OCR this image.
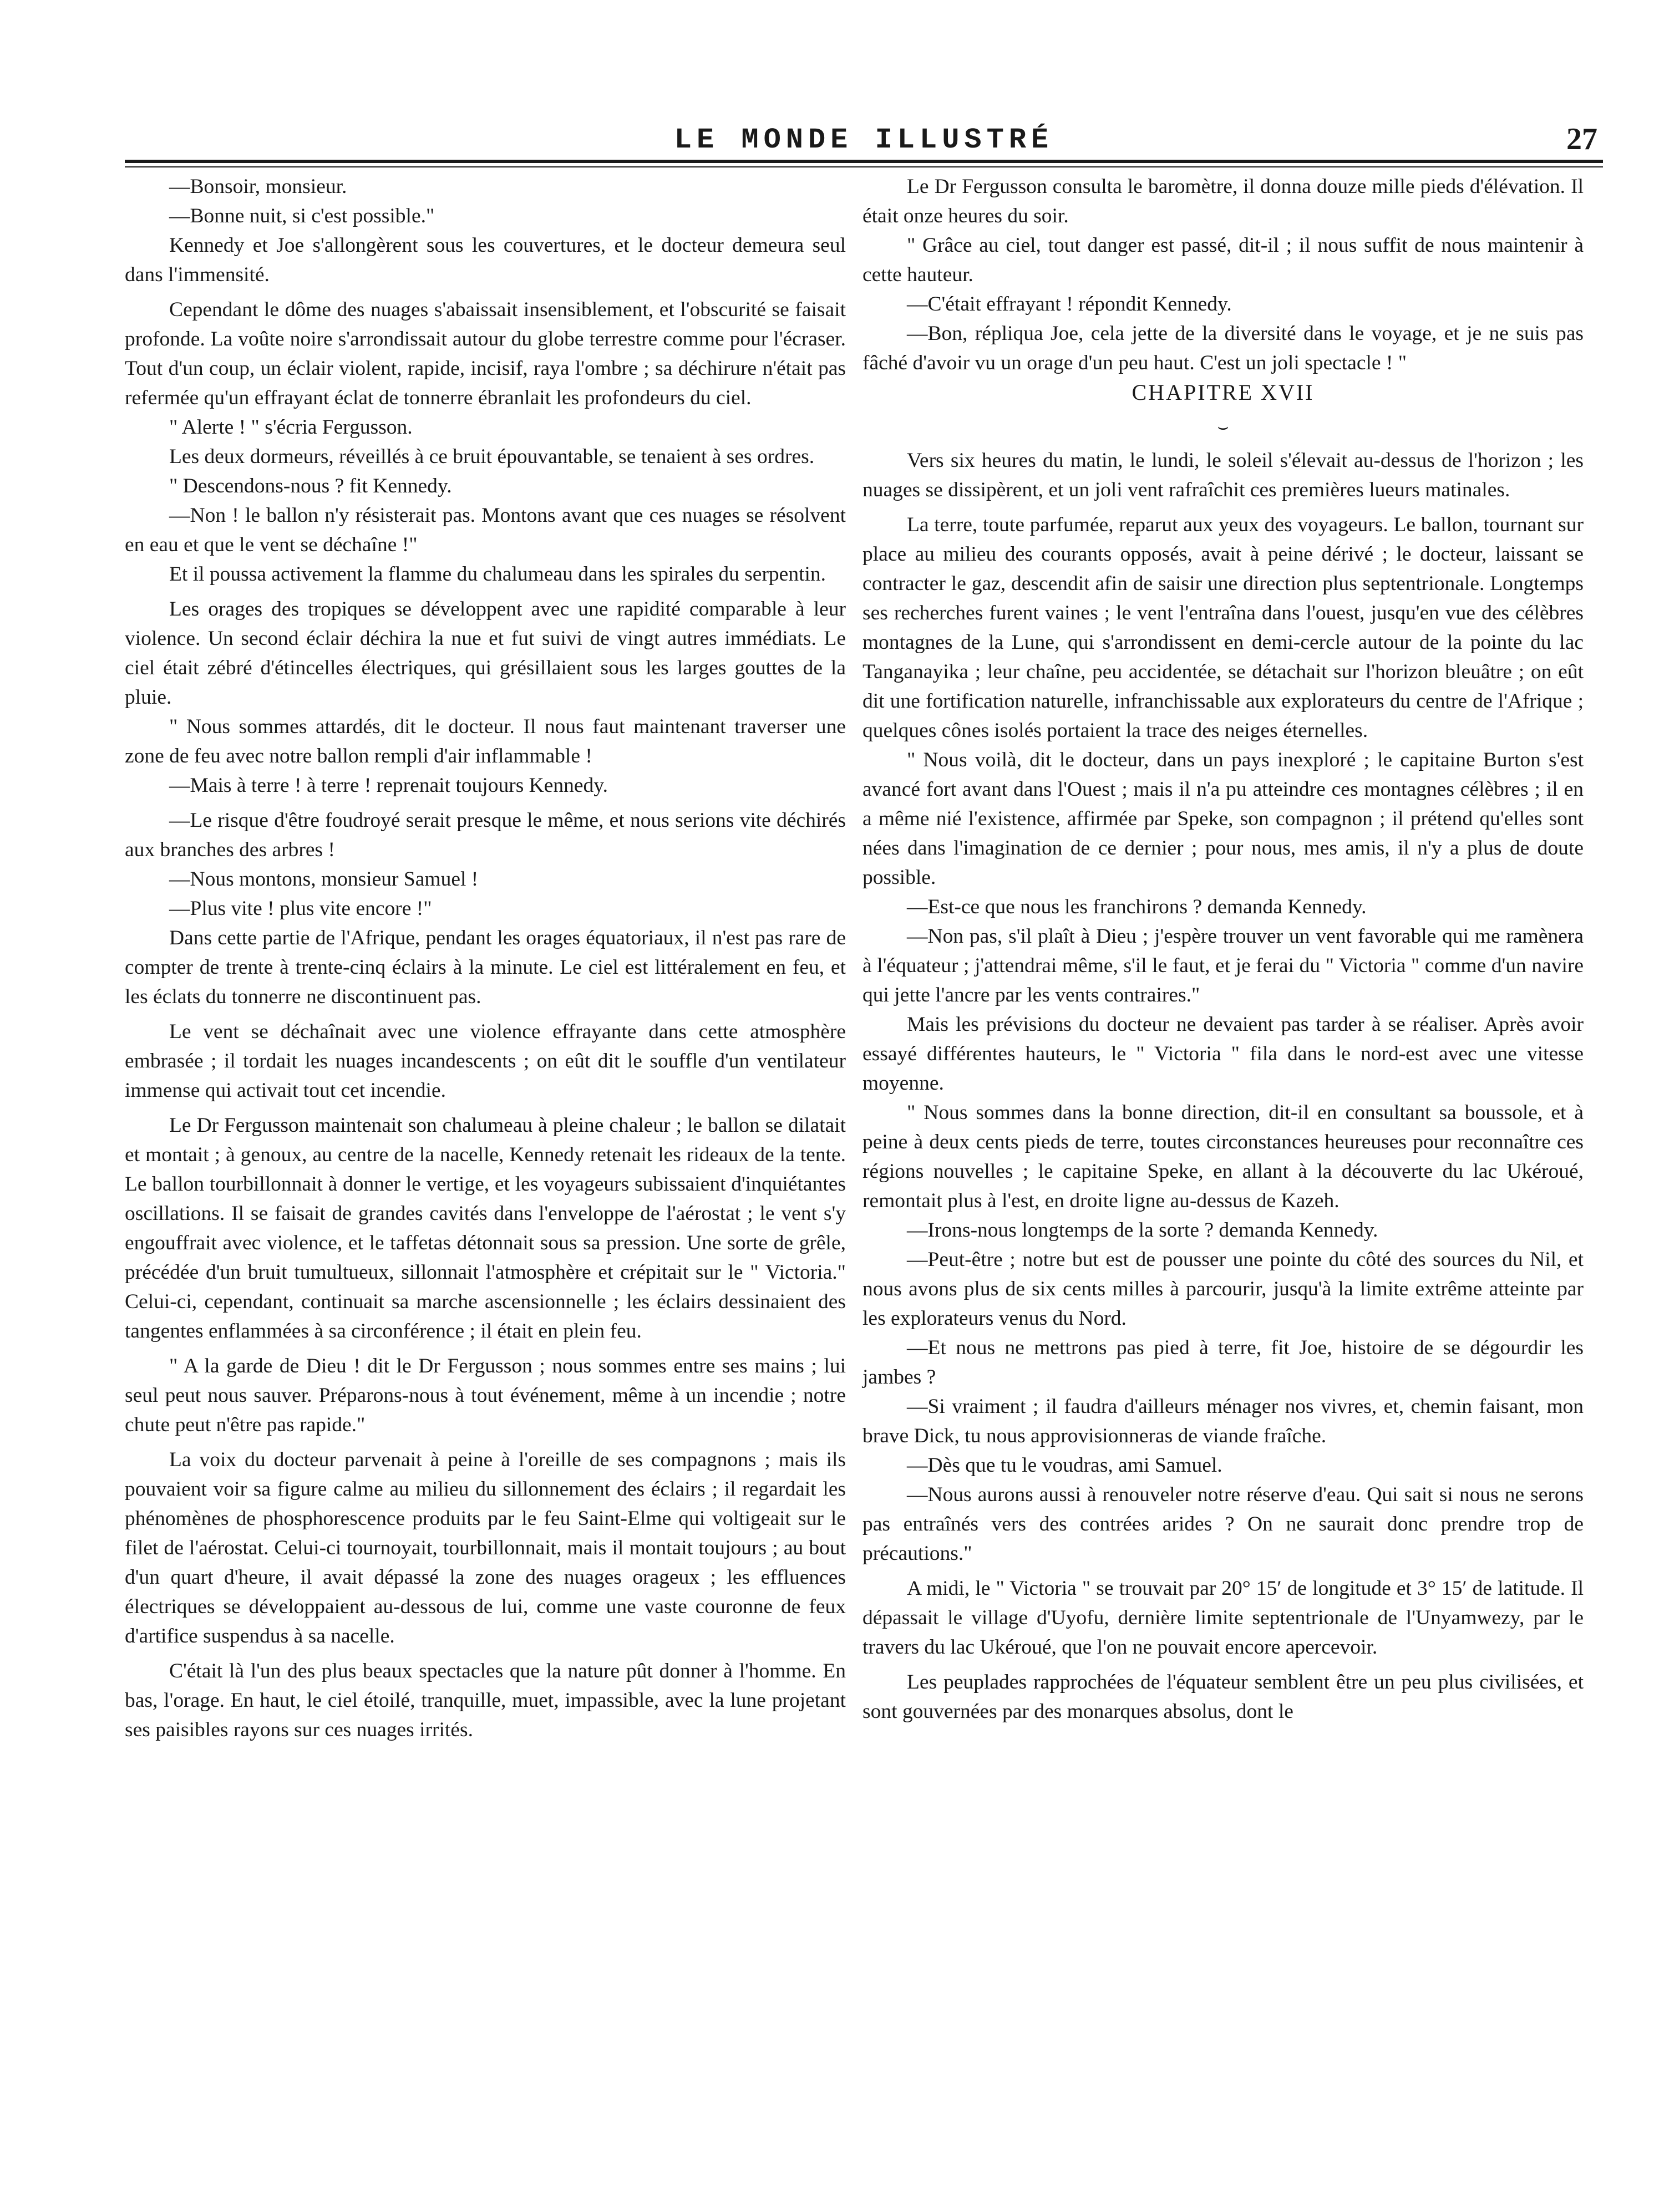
LE MONDE ILLUSTRÉ	27

—Bonsoir, monsieur.

—Bonne nuit, si c'est possible."

Kennedy et Joe s'allongèrent sous les couvertures, et le docteur demeura seul dans l'immensité.

Cependant le dôme des nuages s'abaissait insensiblement, et l'obscurité se faisait profonde. La voûte noire s'arrondissait autour du globe terrestre comme pour l'écraser. Tout d'un coup, un éclair violent, rapide, incisif, raya l'ombre ; sa déchirure n'était pas refermée qu'un effrayant éclat de tonnerre ébranlait les profondeurs du ciel.

" Alerte ! " s'écria Fergusson.

Les deux dormeurs, réveillés à ce bruit épouvantable, se tenaient à ses ordres.

" Descendons-nous ? fit Kennedy.

—Non ! le ballon n'y résisterait pas. Montons avant que ces nuages se résolvent en eau et que le vent se déchaîne !"

Et il poussa activement la flamme du chalumeau dans les spirales du serpentin.

Les orages des tropiques se développent avec une rapidité comparable à leur violence. Un second éclair déchira la nue et fut suivi de vingt autres immédiats. Le ciel était zébré d'étincelles électriques, qui grésillaient sous les larges gouttes de la pluie.

" Nous sommes attardés, dit le docteur. Il nous faut maintenant traverser une zone de feu avec notre ballon rempli d'air inflammable !

—Mais à terre ! à terre ! reprenait toujours Kennedy.

—Le risque d'être foudroyé serait presque le même, et nous serions vite déchirés aux branches des arbres !

—Nous montons, monsieur Samuel !

—Plus vite ! plus vite encore !"

Dans cette partie de l'Afrique, pendant les orages équatoriaux, il n'est pas rare de compter de trente à trente-cinq éclairs à la minute. Le ciel est littéralement en feu, et les éclats du tonnerre ne discontinuent pas.

Le vent se déchaînait avec une violence effrayante dans cette atmosphère embrasée ; il tordait les nuages incandescents ; on eût dit le souffle d'un ventilateur immense qui activait tout cet incendie.

Le Dr Fergusson maintenait son chalumeau à pleine chaleur ; le ballon se dilatait et montait ; à genoux, au centre de la nacelle, Kennedy retenait les rideaux de la tente. Le ballon tourbillonnait à donner le vertige, et les voyageurs subissaient d'inquiétantes oscillations. Il se faisait de grandes cavités dans l'enveloppe de l'aérostat ; le vent s'y engouffrait avec violence, et le taffetas détonnait sous sa pression. Une sorte de grêle, précédée d'un bruit tumultueux, sillonnait l'atmosphère et crépitait sur le " Victoria." Celui-ci, cependant, continuait sa marche ascensionnelle ; les éclairs dessinaient des tangentes enflammées à sa circonférence ; il était en plein feu.

" A la garde de Dieu ! dit le Dr Fergusson ; nous sommes entre ses mains ; lui seul peut nous sauver. Préparons-nous à tout événement, même à un incendie ; notre chute peut n'être pas rapide."

La voix du docteur parvenait à peine à l'oreille de ses compagnons ; mais ils pouvaient voir sa figure calme au milieu du sillonnement des éclairs ; il regardait les phénomènes de phosphorescence produits par le feu Saint-Elme qui voltigeait sur le filet de l'aérostat. Celui-ci tournoyait, tourbillonnait, mais il montait toujours ; au bout d'un quart d'heure, il avait dépassé la zone des nuages orageux ; les effluences électriques se développaient au-dessous de lui, comme une vaste couronne de feux d'artifice suspendus à sa nacelle.

C'était là l'un des plus beaux spectacles que la nature pût donner à l'homme. En bas, l'orage. En haut, le ciel étoilé, tranquille, muet, impassible, avec la lune projetant ses paisibles rayons sur ces nuages irrités.

Le Dr Fergusson consulta le baromètre, il donna douze mille pieds d'élévation. Il était onze heures du soir.

" Grâce au ciel, tout danger est passé, dit-il ; il nous suffit de nous maintenir à cette hauteur.

—C'était effrayant ! répondit Kennedy.

—Bon, répliqua Joe, cela jette de la diversité dans le voyage, et je ne suis pas fâché d'avoir vu un orage d'un peu haut. C'est un joli spectacle ! "

CHAPITRE XVII

⌣

Vers six heures du matin, le lundi, le soleil s'élevait au-dessus de l'horizon ; les nuages se dissipèrent, et un joli vent rafraîchit ces premières lueurs matinales.

La terre, toute parfumée, reparut aux yeux des voyageurs. Le ballon, tournant sur place au milieu des courants opposés, avait à peine dérivé ; le docteur, laissant se contracter le gaz, descendit afin de saisir une direction plus septentrionale. Longtemps ses recherches furent vaines ; le vent l'entraîna dans l'ouest, jusqu'en vue des célèbres montagnes de la Lune, qui s'arrondissent en demi-cercle autour de la pointe du lac Tanganayika ; leur chaîne, peu accidentée, se détachait sur l'horizon bleuâtre ; on eût dit une fortification naturelle, infranchissable aux explorateurs du centre de l'Afrique ; quelques cônes isolés portaient la trace des neiges éternelles.

" Nous voilà, dit le docteur, dans un pays inexploré ; le capitaine Burton s'est avancé fort avant dans l'Ouest ; mais il n'a pu atteindre ces montagnes célèbres ; il en a même nié l'existence, affirmée par Speke, son compagnon ; il prétend qu'elles sont nées dans l'imagination de ce dernier ; pour nous, mes amis, il n'y a plus de doute possible.

—Est-ce que nous les franchirons ? demanda Kennedy.

—Non pas, s'il plaît à Dieu ; j'espère trouver un vent favorable qui me ramènera à l'équateur ; j'attendrai même, s'il le faut, et je ferai du " Victoria " comme d'un navire qui jette l'ancre par les vents contraires."

Mais les prévisions du docteur ne devaient pas tarder à se réaliser. Après avoir essayé différentes hauteurs, le " Victoria " fila dans le nord-est avec une vitesse moyenne.

" Nous sommes dans la bonne direction, dit-il en consultant sa boussole, et à peine à deux cents pieds de terre, toutes circonstances heureuses pour reconnaître ces régions nouvelles ; le capitaine Speke, en allant à la découverte du lac Ukéroué, remontait plus à l'est, en droite ligne au-dessus de Kazeh.

—Irons-nous longtemps de la sorte ? demanda Kennedy.

—Peut-être ; notre but est de pousser une pointe du côté des sources du Nil, et nous avons plus de six cents milles à parcourir, jusqu'à la limite extrême atteinte par les explorateurs venus du Nord.

—Et nous ne mettrons pas pied à terre, fit Joe, histoire de se dégourdir les jambes ?

—Si vraiment ; il faudra d'ailleurs ménager nos vivres, et, chemin faisant, mon brave Dick, tu nous approvisionneras de viande fraîche.

—Dès que tu le voudras, ami Samuel.

—Nous aurons aussi à renouveler notre réserve d'eau. Qui sait si nous ne serons pas entraînés vers des contrées arides ? On ne saurait donc prendre trop de précautions."

A midi, le " Victoria " se trouvait par 20° 15′ de longitude et 3° 15′ de latitude. Il dépassait le village d'Uyofu, dernière limite septentrionale de l'Unyamwezy, par le travers du lac Ukéroué, que l'on ne pouvait encore apercevoir.

Les peuplades rapprochées de l'équateur semblent être un peu plus civilisées, et sont gouvernées par des monarques absolus, dont le
